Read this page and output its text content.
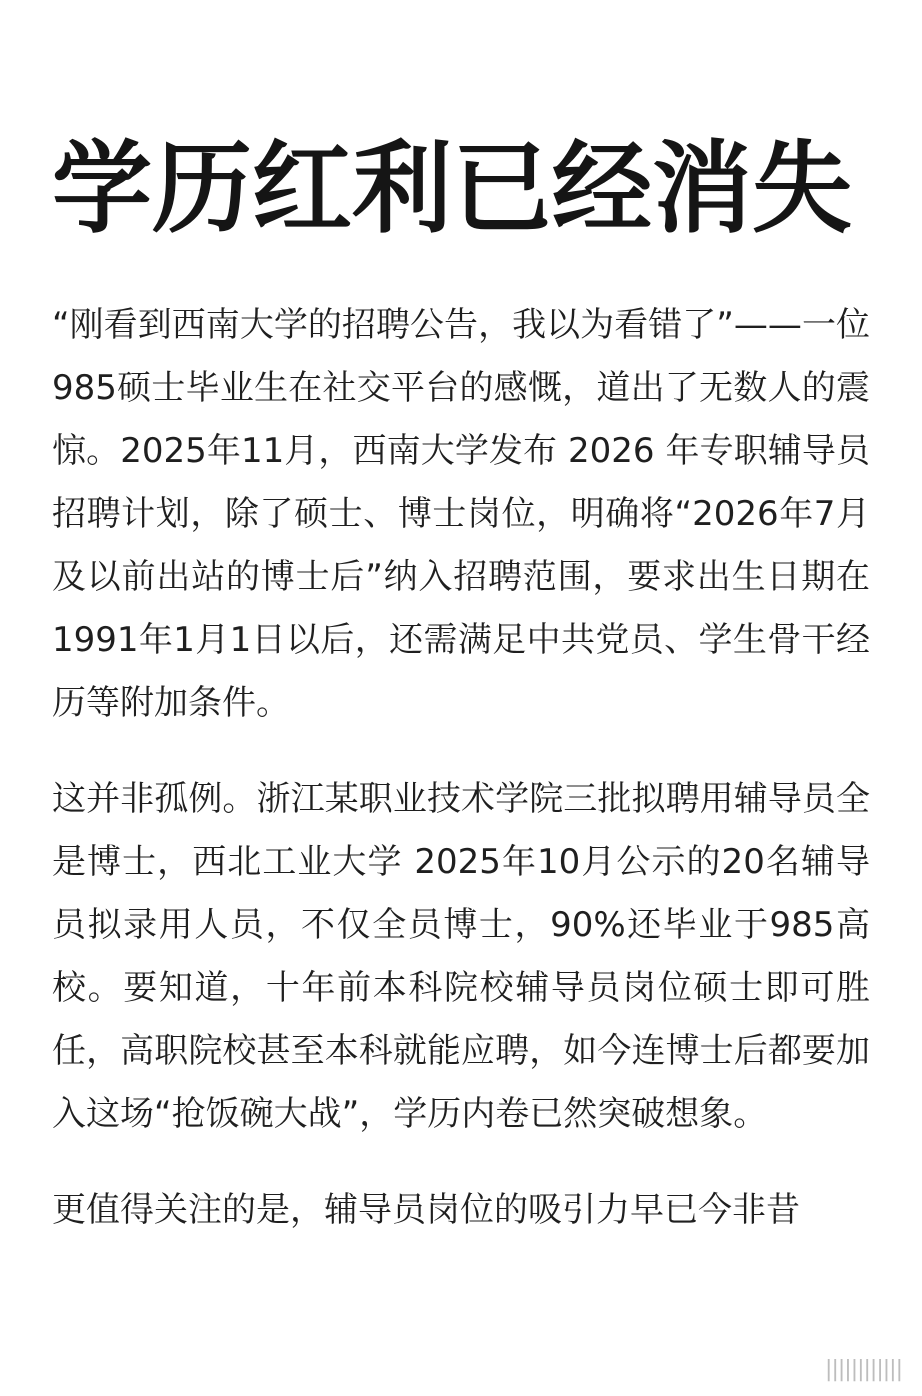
学历红利已经消失

“刚看到西南大学的招聘公告，我以为看错了”——一位985硕士毕业生在社交平台的感慨，道出了无数人的震惊。2025年11月，西南大学发布 2026 年专职辅导员招聘计划，除了硕士、博士岗位，明确将“2026年7月及以前出站的博士后”纳入招聘范围，要求出生日期在 1991年1月1日以后，还需满足中共党员、学生骨干经历等附加条件。

这并非孤例。浙江某职业技术学院三批拟聘用辅导员全是博士，西北工业大学 2025年10月公示的20名辅导员拟录用人员，不仅全员博士，90%还毕业于985高校。要知道，十年前本科院校辅导员岗位硕士即可胜任，高职院校甚至本科就能应聘，如今连博士后都要加入这场“抢饭碗大战”，学历内卷已然突破想象。

更值得关注的是，辅导员岗位的吸引力早已今非昔

||||||||||||
